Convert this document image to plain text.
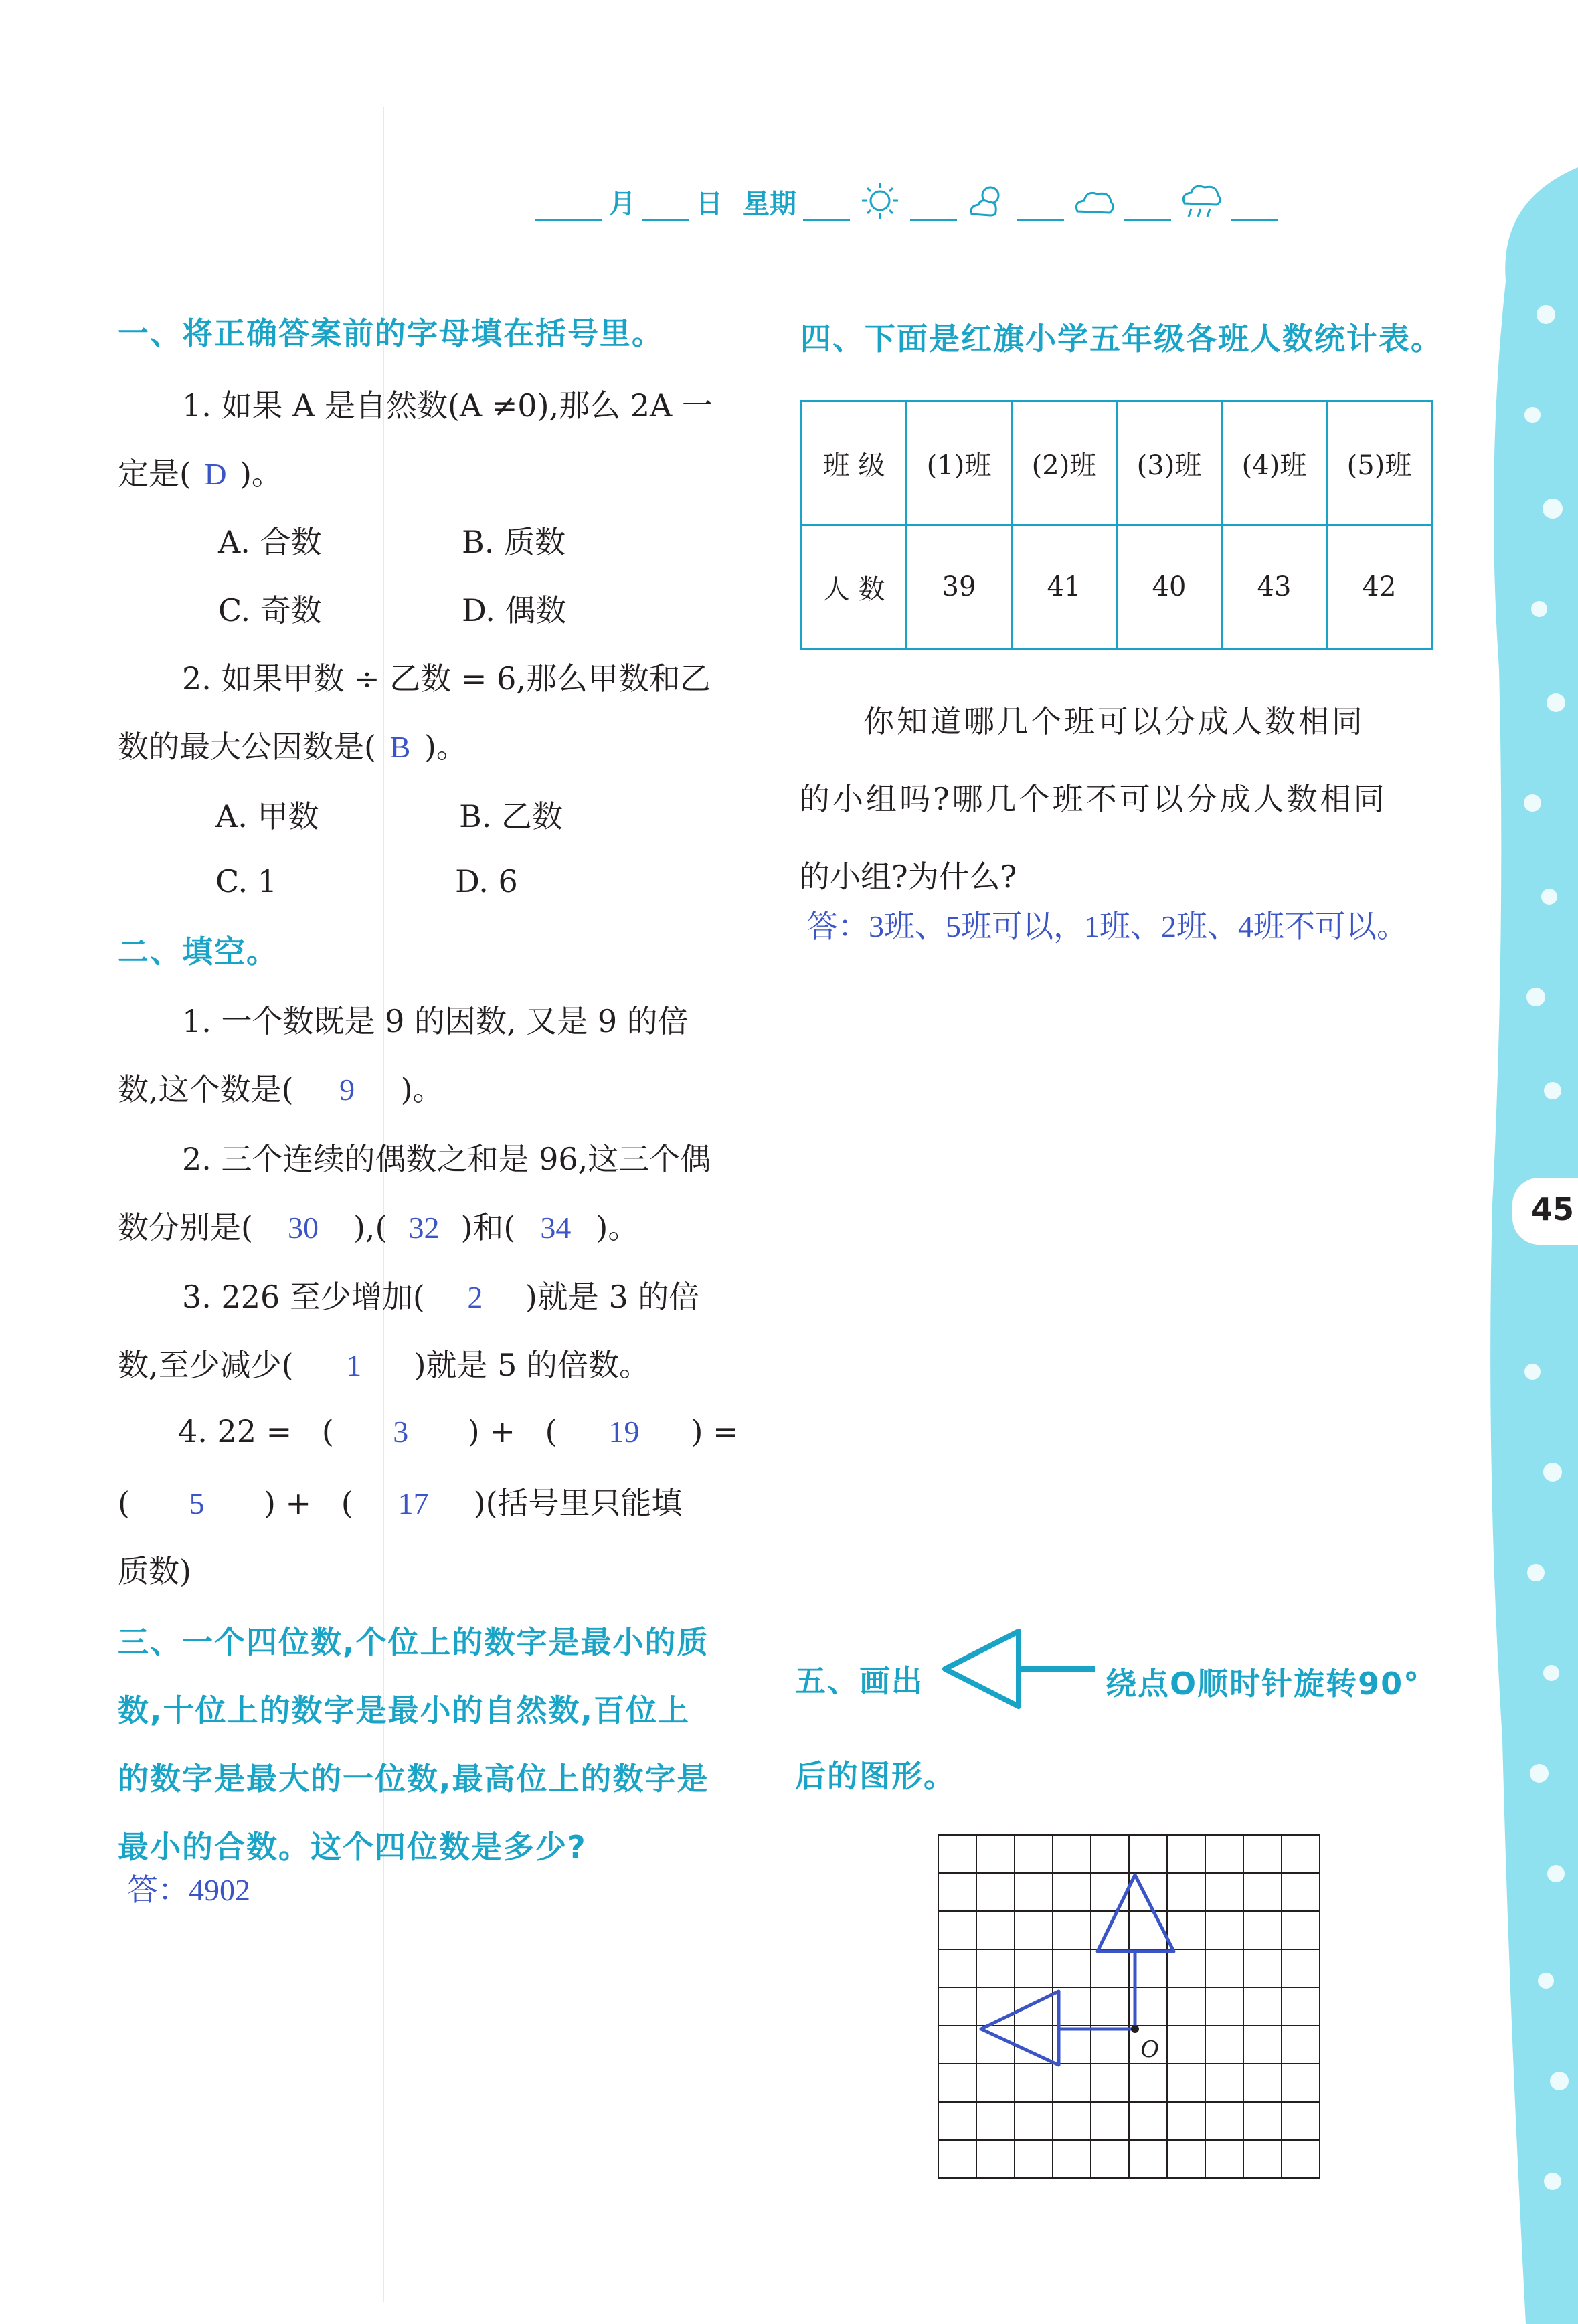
45
月 日 星期
一、将正确答案前的字母填在括号里。
1. 如果 A 是自然数(A ≠0),那么 2A 一
定是( D )。
A. 合数	B. 质数
C. 奇数	D. 偶数
2. 如果甲数 ÷ 乙数 = 6,那么甲数和乙
数的最大公因数是( B )。
A. 甲数	B. 乙数
C. 1	D. 6
二、填空。
1. 一个数既是 9 的因数, 又是 9 的倍
数,这个数是( 9 )。
2. 三个连续的偶数之和是 96,这三个偶
数分别是( 30 ),( 32 )和( 34 )。
3. 226 至少增加( 2 )就是 3 的倍
数,至少减少( 1 )就是 5 的倍数。
4. 22 = ( 3 ) + ( 19 ) =
( 5 ) + ( 17 )(括号里只能填
质数)
三、一个四位数,个位上的数字是最小的质
数,十位上的数字是最小的自然数,百位上
的数字是最大的一位数,最高位上的数字是
最小的合数。这个四位数是多少?
答：4902
四、下面是红旗小学五年级各班人数统计表。
班 级	(1)班	(2)班	(3)班	(4)班	(5)班
人 数	39	41	40	43	42
你知道哪几个班可以分成人数相同
的小组吗?哪几个班不可以分成人数相同
的小组?为什么?
答：3班、5班可以，1班、2班、4班不可以。
五、画出	绕点O顺时针旋转90°
后的图形。
O
